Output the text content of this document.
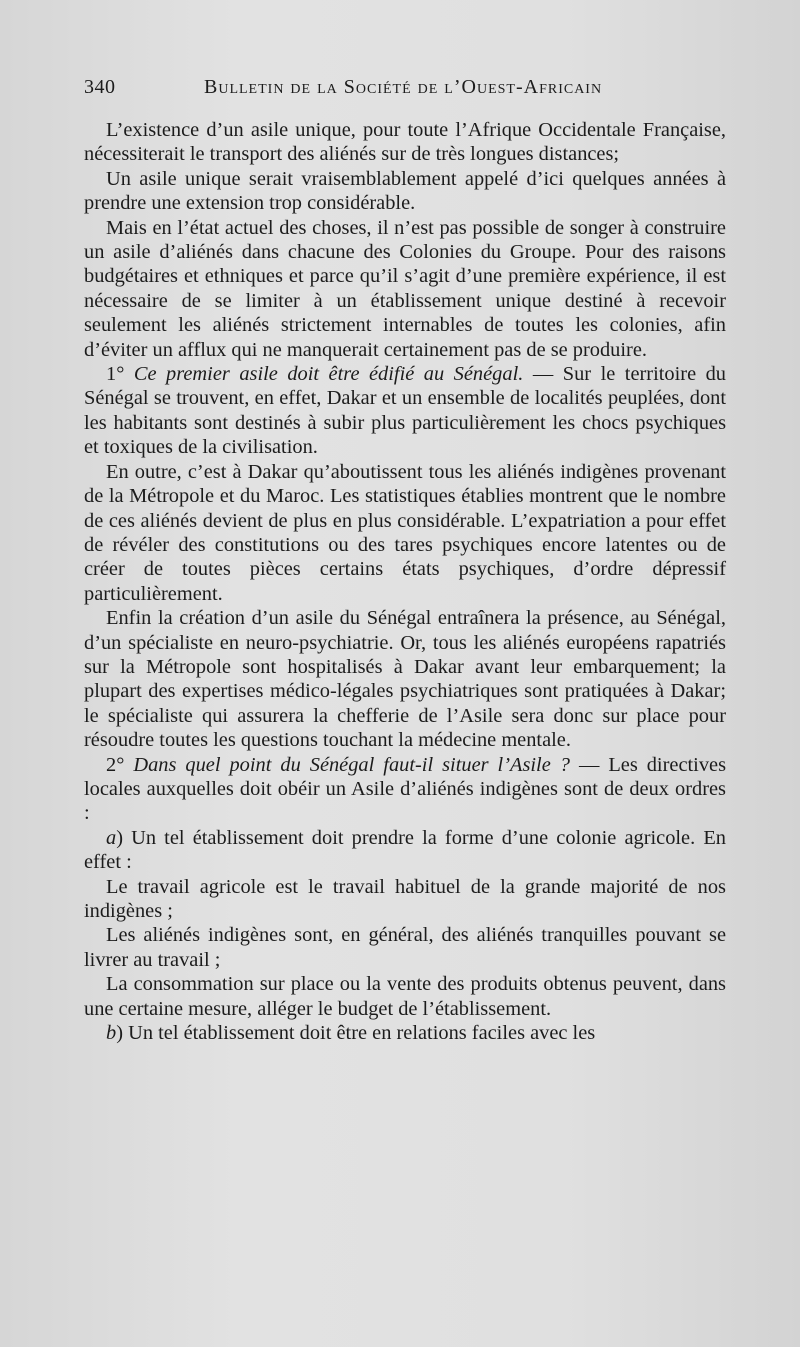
340	Bulletin de la Société de l’Ouest-Africain

L’existence d’un asile unique, pour toute l’Afrique Occidentale Française, nécessiterait le transport des aliénés sur de très longues distances;

Un asile unique serait vraisemblablement appelé d’ici quelques années à prendre une extension trop considérable.

Mais en l’état actuel des choses, il n’est pas possible de songer à construire un asile d’aliénés dans chacune des Colonies du Groupe. Pour des raisons budgétaires et ethniques et parce qu’il s’agit d’une première expérience, il est nécessaire de se limiter à un établissement unique destiné à recevoir seulement les aliénés strictement internables de toutes les colonies, afin d’éviter un afflux qui ne manquerait certainement pas de se produire.

1° Ce premier asile doit être édifié au Sénégal. — Sur le territoire du Sénégal se trouvent, en effet, Dakar et un ensemble de localités peuplées, dont les habitants sont destinés à subir plus particulièrement les chocs psychiques et toxiques de la civilisation.

En outre, c’est à Dakar qu’aboutissent tous les aliénés indigènes provenant de la Métropole et du Maroc. Les statistiques établies montrent que le nombre de ces aliénés devient de plus en plus considérable. L’expatriation a pour effet de révéler des constitutions ou des tares psychiques encore latentes ou de créer de toutes pièces certains états psychiques, d’ordre dépressif particulièrement.

Enfin la création d’un asile du Sénégal entraînera la présence, au Sénégal, d’un spécialiste en neuro-psychiatrie. Or, tous les aliénés européens rapatriés sur la Métropole sont hospitalisés à Dakar avant leur embarquement; la plupart des expertises médico-légales psychiatriques sont pratiquées à Dakar; le spécialiste qui assurera la chefferie de l’Asile sera donc sur place pour résoudre toutes les questions touchant la médecine mentale.

2° Dans quel point du Sénégal faut-il situer l’Asile ? — Les directives locales auxquelles doit obéir un Asile d’aliénés indigènes sont de deux ordres :

a) Un tel établissement doit prendre la forme d’une colonie agricole. En effet :

Le travail agricole est le travail habituel de la grande majorité de nos indigènes ;

Les aliénés indigènes sont, en général, des aliénés tranquilles pouvant se livrer au travail ;

La consommation sur place ou la vente des produits obtenus peuvent, dans une certaine mesure, alléger le budget de l’établissement.

b) Un tel établissement doit être en relations faciles avec les
